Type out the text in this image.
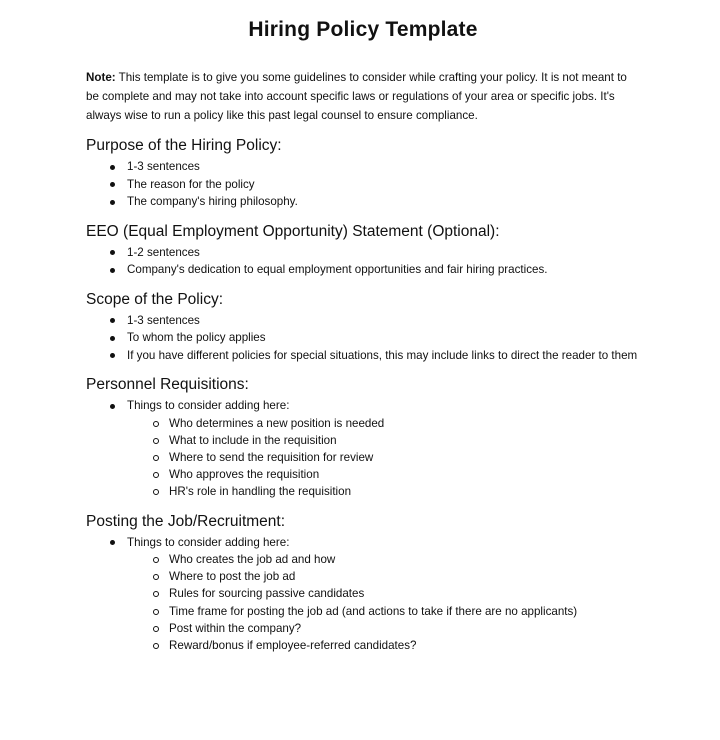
Hiring Policy Template

Note: This template is to give you some guidelines to consider while crafting your policy. It is not meant to be complete and may not take into account specific laws or regulations of your area or specific jobs. It's always wise to run a policy like this past legal counsel to ensure compliance.

Purpose of the Hiring Policy:
1-3 sentences
The reason for the policy
The company's hiring philosophy.
EEO (Equal Employment Opportunity) Statement (Optional):
1-2 sentences
Company's dedication to equal employment opportunities and fair hiring practices.
Scope of the Policy:
1-3 sentences
To whom the policy applies
If you have different policies for special situations, this may include links to direct the reader to them
Personnel Requisitions:
Things to consider adding here:
Who determines a new position is needed
What to include in the requisition
Where to send the requisition for review
Who approves the requisition
HR's role in handling the requisition
Posting the Job/Recruitment:
Things to consider adding here:
Who creates the job ad and how
Where to post the job ad
Rules for sourcing passive candidates
Time frame for posting the job ad (and actions to take if there are no applicants)
Post within the company?
Reward/bonus if employee-referred candidates?
